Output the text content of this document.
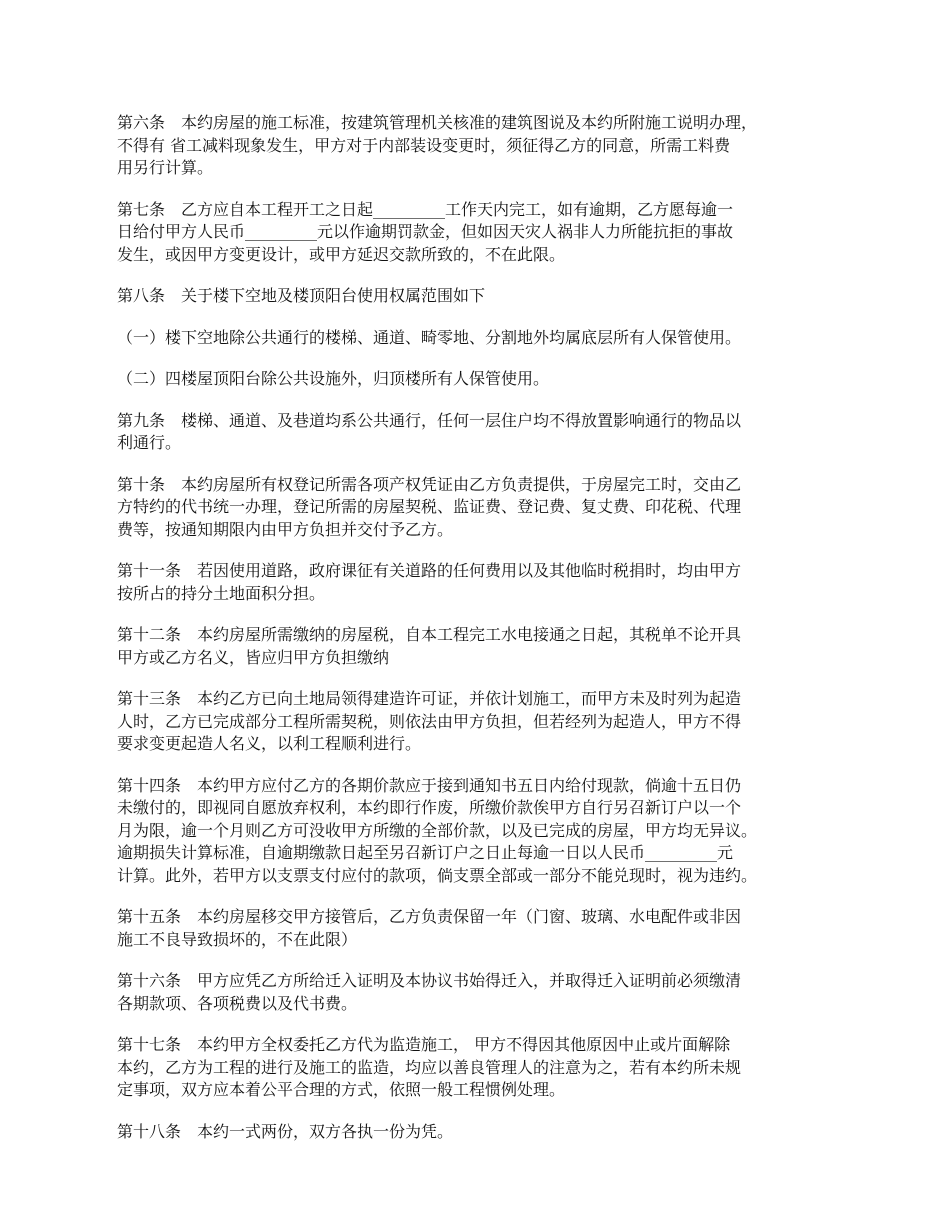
第六条　本约房屋的施工标准，按建筑管理机关核准的建筑图说及本约所附施工说明办理，
不得有 省工减料现象发生，甲方对于内部装设变更时，须征得乙方的同意，所需工料费
用另行计算。

第七条　乙方应自本工程开工之日起_________工作天内完工，如有逾期，乙方愿每逾一
日给付甲方人民币_________元以作逾期罚款金，但如因天灾人祸非人力所能抗拒的事故
发生，或因甲方变更设计，或甲方延迟交款所致的，不在此限。

第八条　关于楼下空地及楼顶阳台使用权属范围如下

（一）楼下空地除公共通行的楼梯、通道、畸零地、分割地外均属底层所有人保管使用。

（二）四楼屋顶阳台除公共设施外，归顶楼所有人保管使用。

第九条　楼梯、通道、及巷道均系公共通行，任何一层住户均不得放置影响通行的物品以
利通行。

第十条　本约房屋所有权登记所需各项产权凭证由乙方负责提供，于房屋完工时，交由乙
方特约的代书统一办理，登记所需的房屋契税、监证费、登记费、复丈费、印花税、代理
费等，按通知期限内由甲方负担并交付予乙方。

第十一条　若因使用道路，政府课征有关道路的任何费用以及其他临时税捐时，均由甲方
按所占的持分土地面积分担。

第十二条　本约房屋所需缴纳的房屋税，自本工程完工水电接通之日起，其税单不论开具
甲方或乙方名义，皆应归甲方负担缴纳

第十三条　本约乙方已向土地局领得建造许可证，并依计划施工，而甲方未及时列为起造
人时，乙方已完成部分工程所需契税，则依法由甲方负担，但若经列为起造人，甲方不得
要求变更起造人名义，以利工程顺利进行。

第十四条　本约甲方应付乙方的各期价款应于接到通知书五日内给付现款，倘逾十五日仍
未缴付的，即视同自愿放弃权利，本约即行作废，所缴价款俟甲方自行另召新订户以一个
月为限，逾一个月则乙方可没收甲方所缴的全部价款，以及已完成的房屋，甲方均无异议。
逾期损失计算标准，自逾期缴款日起至另召新订户之日止每逾一日以人民币_________元
计算。此外，若甲方以支票支付应付的款项，倘支票全部或一部分不能兑现时，视为违约。

第十五条　本约房屋移交甲方接管后，乙方负责保留一年（门窗、玻璃、水电配件或非因
施工不良导致损坏的，不在此限）

第十六条　甲方应凭乙方所给迁入证明及本协议书始得迁入，并取得迁入证明前必须缴清
各期款项、各项税费以及代书费。

第十七条　本约甲方全权委托乙方代为监造施工， 甲方不得因其他原因中止或片面解除
本约，乙方为工程的进行及施工的监造，均应以善良管理人的注意为之，若有本约所未规
定事项，双方应本着公平合理的方式，依照一般工程惯例处理。

第十八条　本约一式两份，双方各执一份为凭。
